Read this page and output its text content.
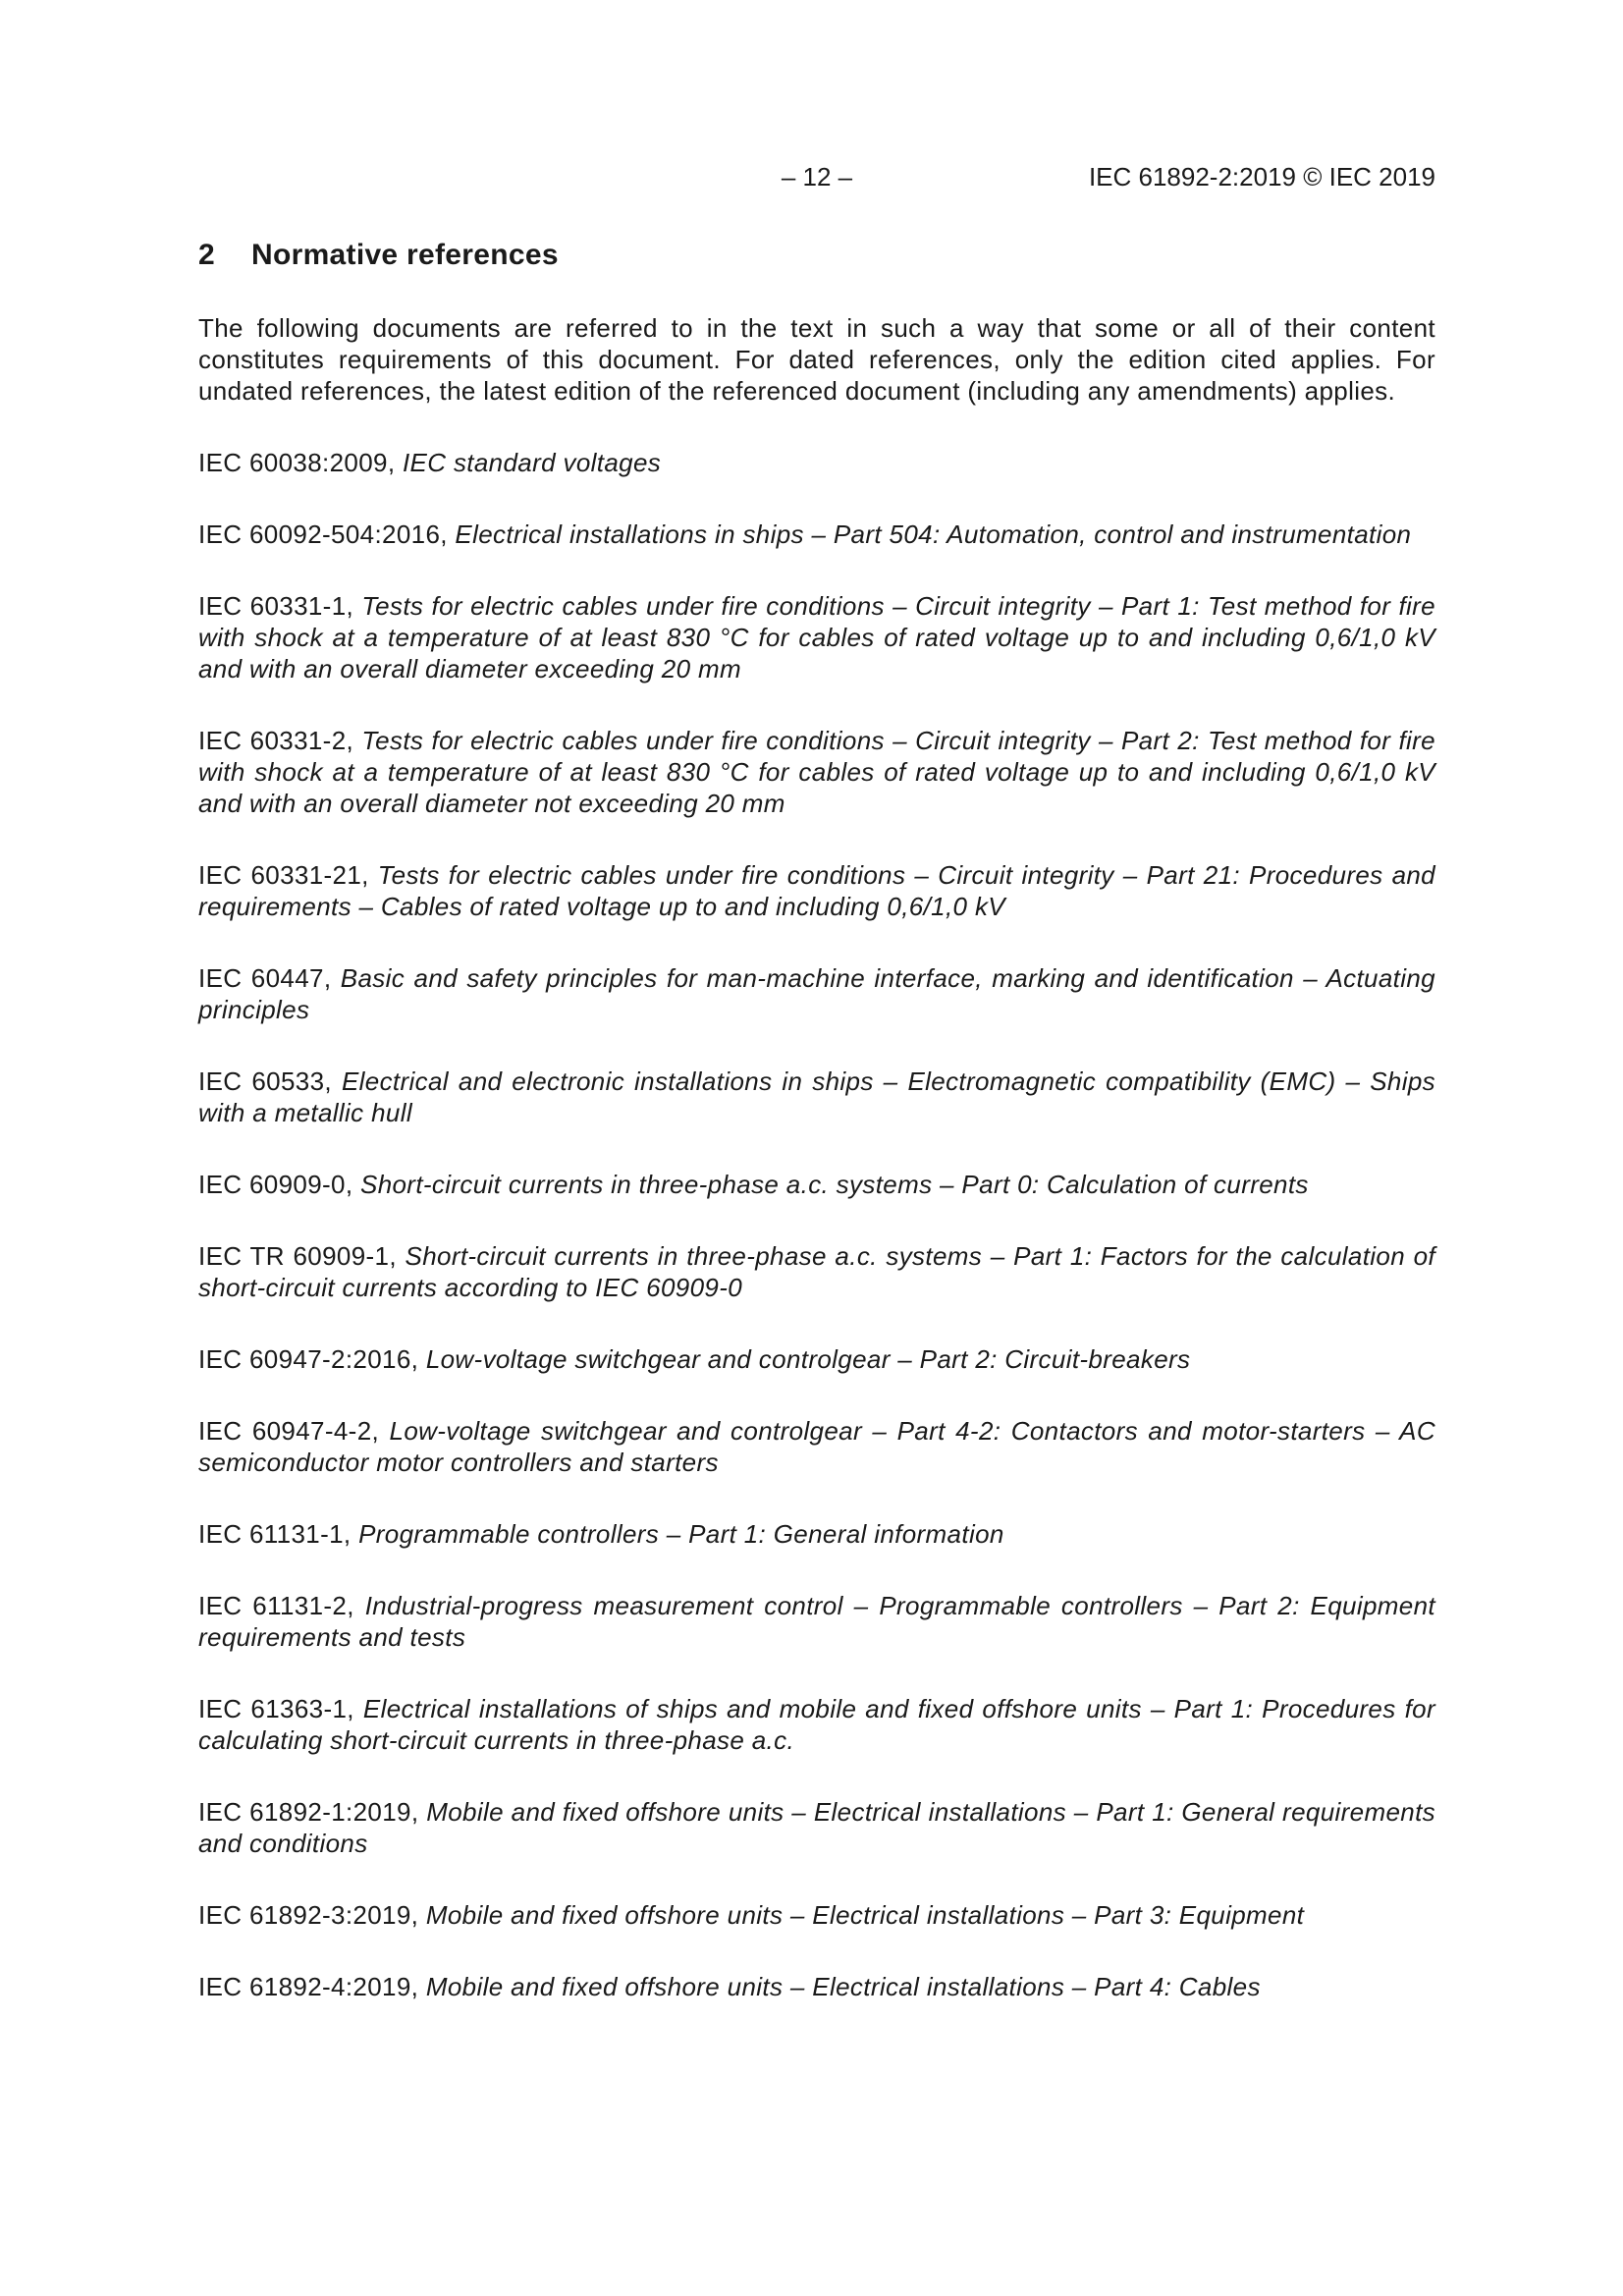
– 12 –	IEC 61892-2:2019 © IEC 2019
2 Normative references

The following documents are referred to in the text in such a way that some or all of their content constitutes requirements of this document. For dated references, only the edition cited applies. For undated references, the latest edition of the referenced document (including any amendments) applies.

IEC 60038:2009, IEC standard voltages
IEC 60092-504:2016, Electrical installations in ships – Part 504: Automation, control and instrumentation
IEC 60331-1, Tests for electric cables under fire conditions – Circuit integrity – Part 1: Test method for fire with shock at a temperature of at least 830 °C for cables of rated voltage up to and including 0,6/1,0 kV and with an overall diameter exceeding 20 mm
IEC 60331-2, Tests for electric cables under fire conditions – Circuit integrity – Part 2: Test method for fire with shock at a temperature of at least 830 °C for cables of rated voltage up to and including 0,6/1,0 kV and with an overall diameter not exceeding 20 mm
IEC 60331-21, Tests for electric cables under fire conditions – Circuit integrity – Part 21: Procedures and requirements – Cables of rated voltage up to and including 0,6/1,0 kV
IEC 60447, Basic and safety principles for man-machine interface, marking and identification – Actuating principles
IEC 60533, Electrical and electronic installations in ships – Electromagnetic compatibility (EMC) – Ships with a metallic hull
IEC 60909-0, Short-circuit currents in three-phase a.c. systems – Part 0: Calculation of currents
IEC TR 60909-1, Short-circuit currents in three-phase a.c. systems – Part 1: Factors for the calculation of short-circuit currents according to IEC 60909-0
IEC 60947-2:2016, Low-voltage switchgear and controlgear – Part 2: Circuit-breakers
IEC 60947-4-2, Low-voltage switchgear and controlgear – Part 4-2: Contactors and motor-starters – AC semiconductor motor controllers and starters
IEC 61131-1, Programmable controllers – Part 1: General information
IEC 61131-2, Industrial-progress measurement control – Programmable controllers – Part 2: Equipment requirements and tests
IEC 61363-1, Electrical installations of ships and mobile and fixed offshore units – Part 1: Procedures for calculating short-circuit currents in three-phase a.c.
IEC 61892-1:2019, Mobile and fixed offshore units – Electrical installations – Part 1: General requirements and conditions
IEC 61892-3:2019, Mobile and fixed offshore units – Electrical installations – Part 3: Equipment
IEC 61892-4:2019, Mobile and fixed offshore units – Electrical installations – Part 4: Cables
